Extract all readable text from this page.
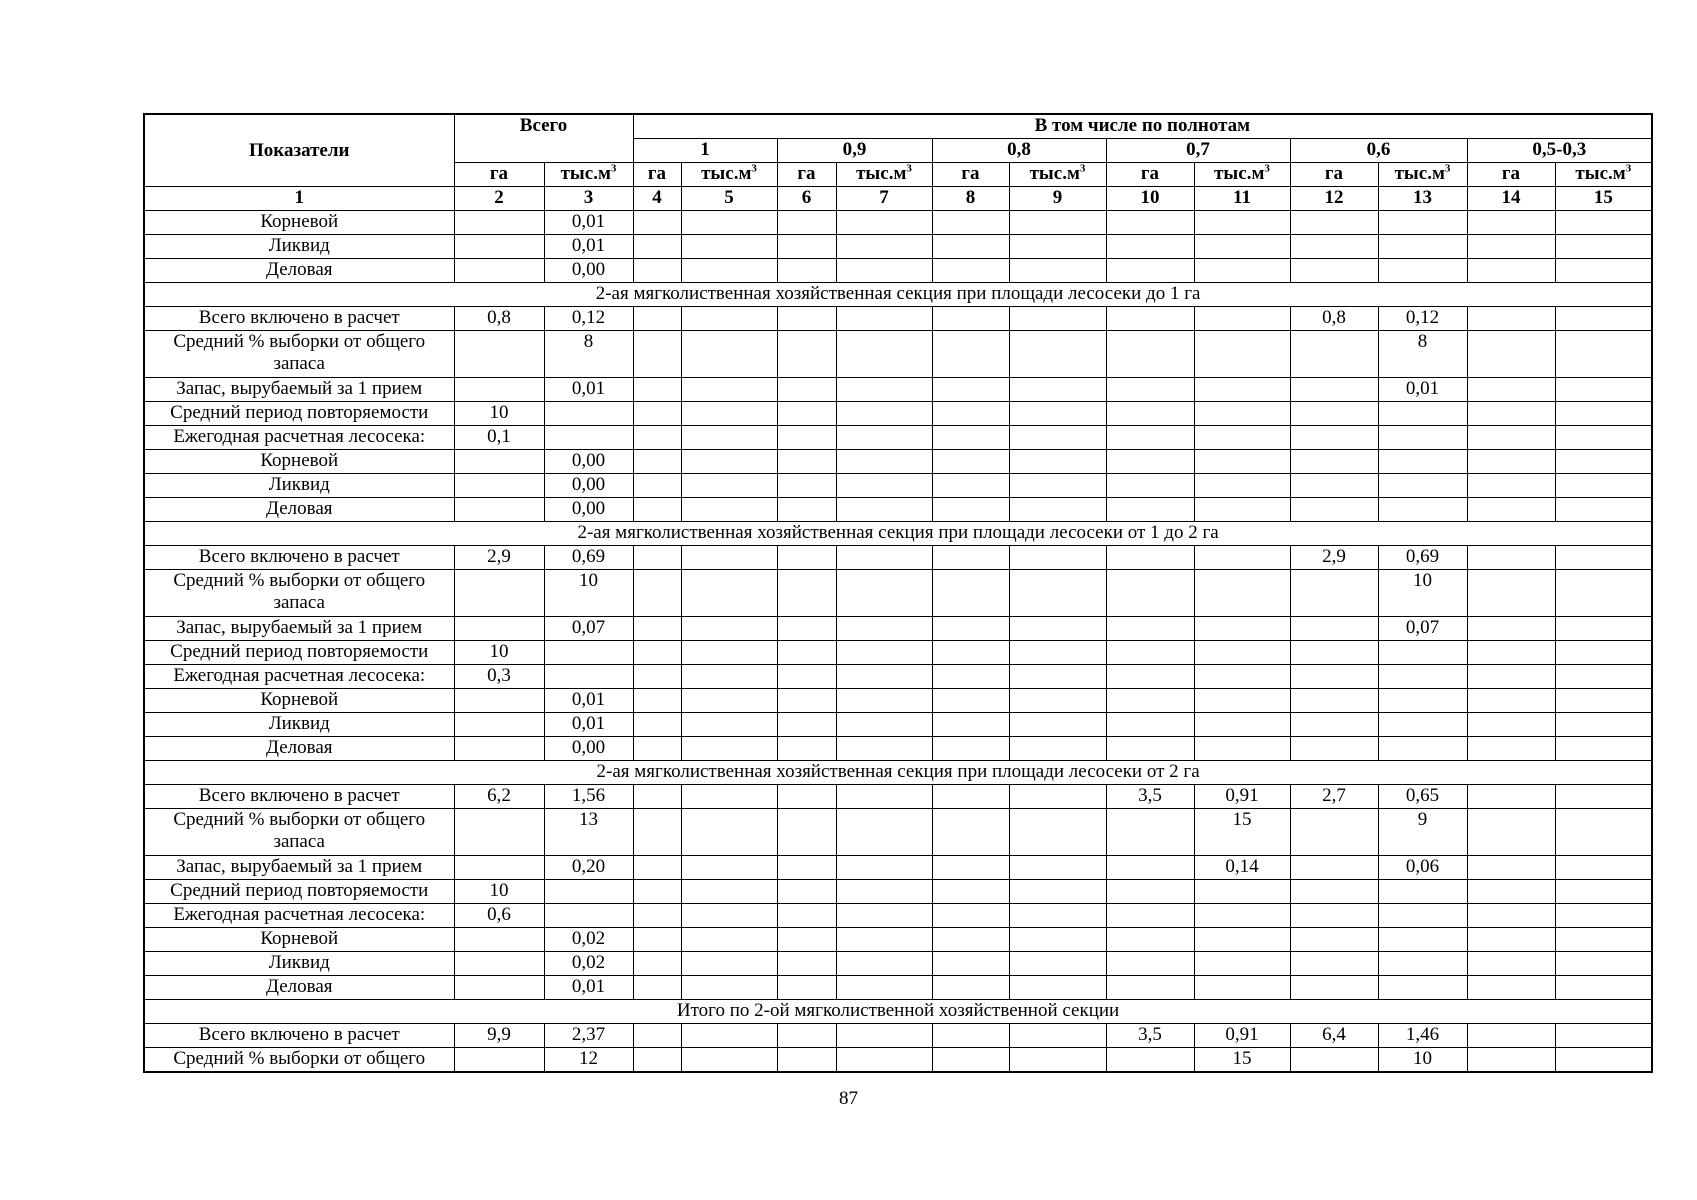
Показатели	Всего		В том числе по полнотам											
			1		0,9		0,8		0,7		0,6		0,5-0,3	
	га	$тыс.м^3$	га	$тыс.м^3$	га	$тыс.м^3$	га	$тыс.м^3$	га	$тыс.м^3$	га	$тыс.м^3$	га	$тыс.м^3$
1	2	3	4	5	6	7	8	9	10	11	12	13	14	15
Корневой		0,01												
Ликвид		0,01												
Деловая		0,00												
2-ая мягколиственная хозяйственная секция при площади лесосеки до 1 га														
Всего включено в расчет	0,8	0,12									0,8	0,12		
Средний % выборки от общего запаса		8										8		
Запас, вырубаемый за 1 прием		0,01										0,01		
Средний период повторяемости	10													
Ежегодная расчетная лесосека:	0,1													
Корневой		0,00												
Ликвид		0,00												
Деловая		0,00												
2-ая мягколиственная хозяйственная секция при площади лесосеки от 1 до 2 га														
Всего включено в расчет	2,9	0,69									2,9	0,69		
Средний % выборки от общего запаса		10										10		
Запас, вырубаемый за 1 прием		0,07										0,07		
Средний период повторяемости	10													
Ежегодная расчетная лесосека:	0,3													
Корневой		0,01												
Ликвид		0,01												
Деловая		0,00												
2-ая мягколиственная хозяйственная секция при площади лесосеки от 2 га														
Всего включено в расчет	6,2	1,56							3,5	0,91	2,7	0,65		
Средний % выборки от общего запаса		13								15		9		
Запас, вырубаемый за 1 прием		0,20								0,14		0,06		
Средний период повторяемости	10													
Ежегодная расчетная лесосека:	0,6													
Корневой		0,02												
Ликвид		0,02												
Деловая		0,01												
Итого по 2-ой мягколиственной хозяйственной секции														
Всего включено в расчет	9,9	2,37							3,5	0,91	6,4	1,46		
Средний % выборки от общего		12								15		10		
87
